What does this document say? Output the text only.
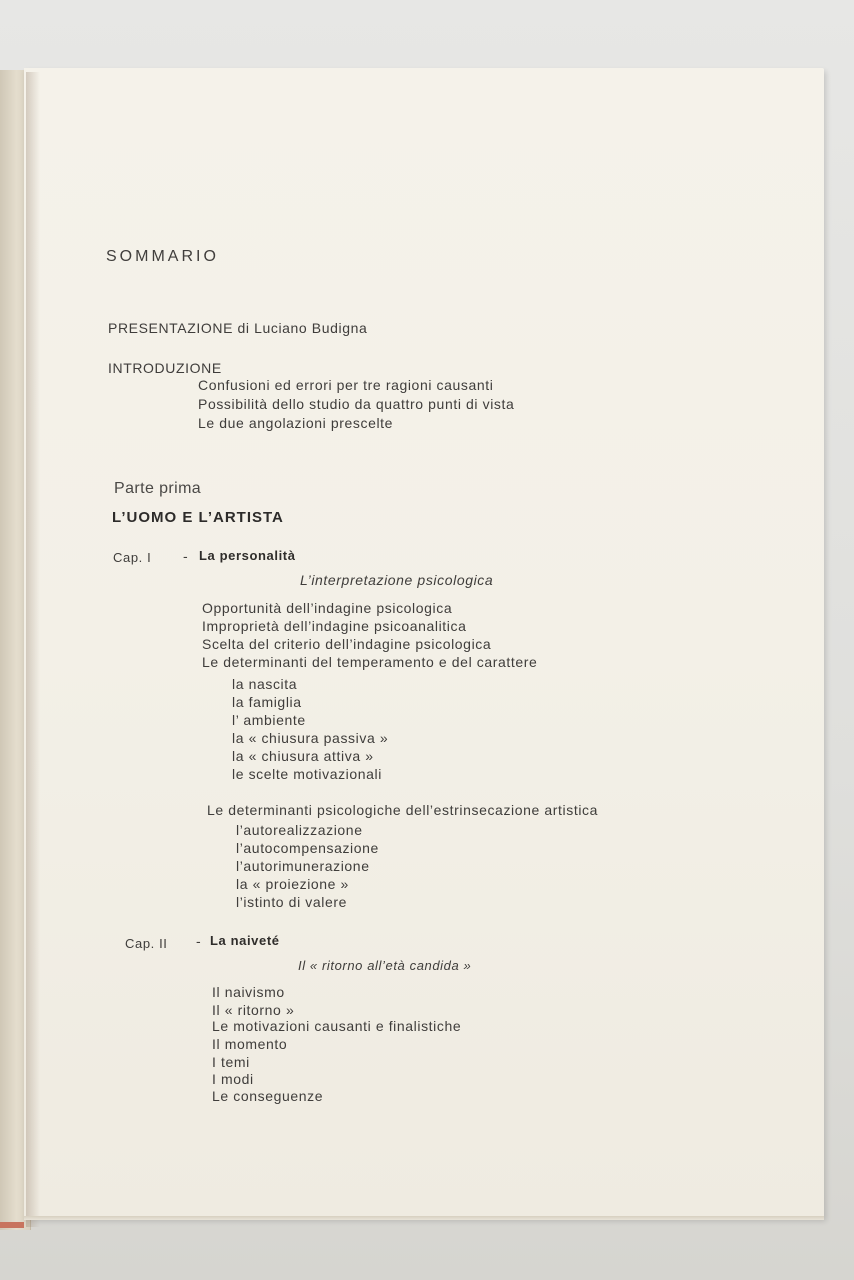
SOMMARIO
PRESENTAZIONE di Luciano Budigna
INTRODUZIONE
Confusioni ed errori per tre ragioni causanti
Possibilità dello studio da quattro punti di vista
Le due angolazioni prescelte
Parte prima
L’UOMO E L’ARTISTA
Cap. I - La personalità
L’interpretazione psicologica
Opportunità dell’indagine psicologica
Improprietà dell’indagine psicoanalitica
Scelta del criterio dell’indagine psicologica
Le determinanti del temperamento e del carattere
la nascita
la famiglia
l’ ambiente
la « chiusura passiva »
la « chiusura attiva »
le scelte motivazionali
Le determinanti psicologiche dell’estrinsecazione artistica
l’autorealizzazione
l’autocompensazione
l’autorimunerazione
la « proiezione »
l’istinto di valere
Cap. II - La naiveté
Il « ritorno all’età candida »
Il naivismo
Il « ritorno »
Le motivazioni causanti e finalistiche
Il momento
I temi
I modi
Le conseguenze
